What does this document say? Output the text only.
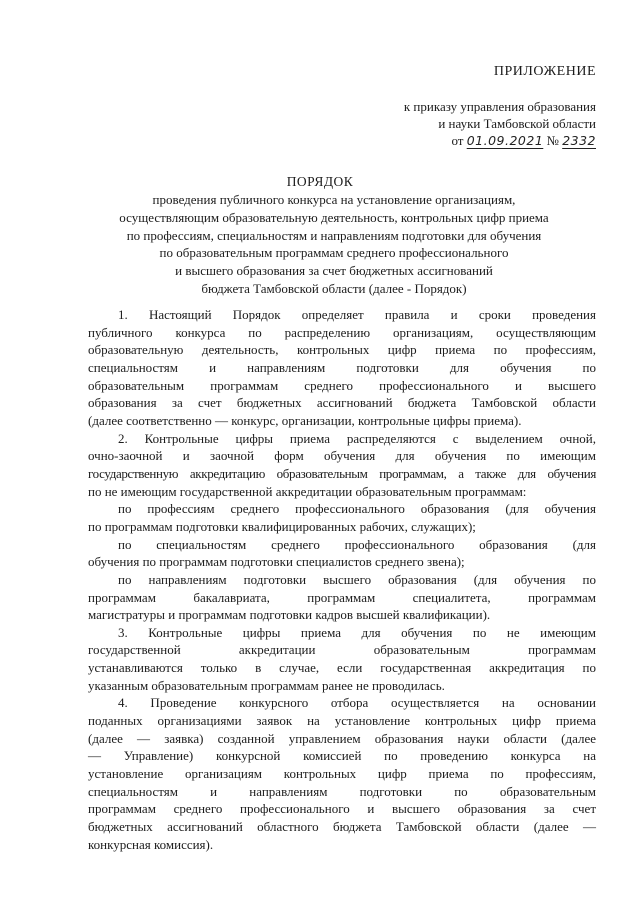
ПРИЛОЖЕНИЕ
к приказу управления образования
и науки Тамбовской области
от 01.09.2021 № 2332
ПОРЯДОК
проведения публичного конкурса на установление организациям,
осуществляющим образовательную деятельность, контрольных цифр приема
по профессиям, специальностям и направлениям подготовки для обучения
по образовательным программам среднего профессионального
и высшего образования за счет бюджетных ассигнований
бюджета Тамбовской области (далее - Порядок)
1. Настоящий Порядок определяет правила и сроки проведения
публичного конкурса по распределению организациям, осуществляющим
образовательную деятельность, контрольных цифр приема по профессиям,
специальностям и направлениям подготовки для обучения по
образовательным программам среднего профессионального и высшего
образования за счет бюджетных ассигнований бюджета Тамбовской области
(далее соответственно — конкурс, организации, контрольные цифры приема).
2. Контрольные цифры приема распределяются с выделением очной,
очно-заочной и заочной форм обучения для обучения по имеющим
государственную аккредитацию образовательным программам, а также для обучения
по не имеющим государственной аккредитации образовательным программам:
по профессиям среднего профессионального образования (для обучения
по программам подготовки квалифицированных рабочих, служащих);
по специальностям среднего профессионального образования (для
обучения по программам подготовки специалистов среднего звена);
по направлениям подготовки высшего образования (для обучения по
программам бакалавриата, программам специалитета, программам
магистратуры и программам подготовки кадров высшей квалификации).
3. Контрольные цифры приема для обучения по не имеющим
государственной аккредитации образовательным программам
устанавливаются только в случае, если государственная аккредитация по
указанным образовательным программам ранее не проводилась.
4. Проведение конкурсного отбора осуществляется на основании
поданных организациями заявок на установление контрольных цифр приема
(далее — заявка) созданной управлением образования науки области (далее
— Управление) конкурсной комиссией по проведению конкурса на
установление организациям контрольных цифр приема по профессиям,
специальностям и направлениям подготовки по образовательным
программам среднего профессионального и высшего образования за счет
бюджетных ассигнований областного бюджета Тамбовской области (далее —
конкурсная комиссия).
